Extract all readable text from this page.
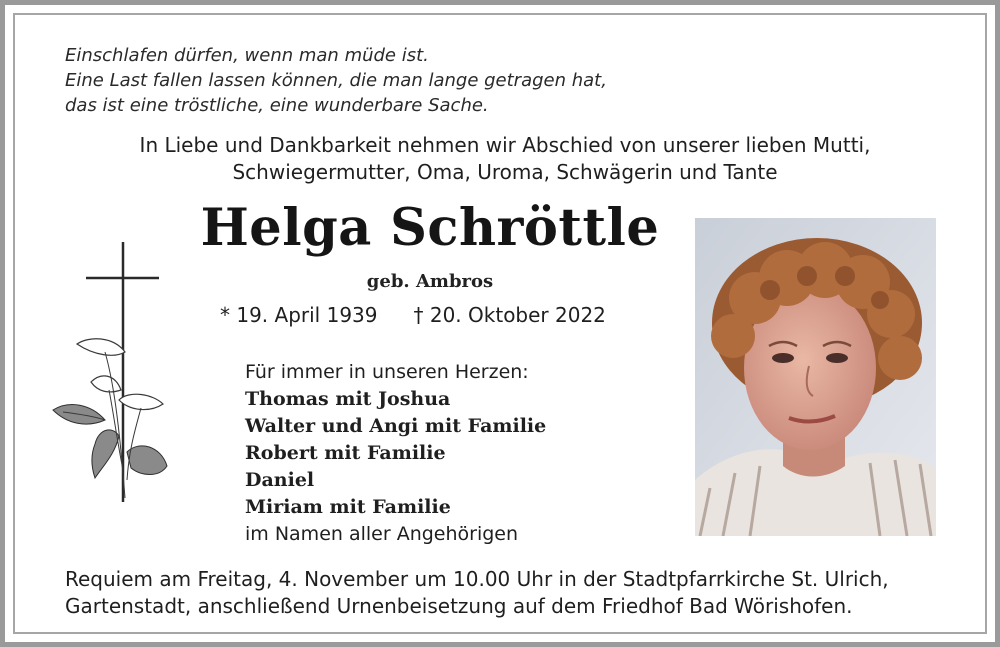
Einschlafen dürfen, wenn man müde ist.
Eine Last fallen lassen können, die man lange getragen hat,
das ist eine tröstliche, eine wunderbare Sache.
In Liebe und Dankbarkeit nehmen wir Abschied von unserer lieben Mutti,
Schwiegermutter, Oma, Uroma, Schwägerin und Tante
Helga Schröttle
geb. Ambros
* 19. April 1939 † 20. Oktober 2022
Für immer in unseren Herzen:
Thomas mit Joshua
Walter und Angi mit Familie
Robert mit Familie
Daniel
Miriam mit Familie
im Namen aller Angehörigen
Requiem am Freitag, 4. November um 10.00 Uhr in der Stadtpfarrkirche St. Ulrich,
Gartenstadt, anschließend Urnenbeisetzung auf dem Friedhof Bad Wörishofen.
